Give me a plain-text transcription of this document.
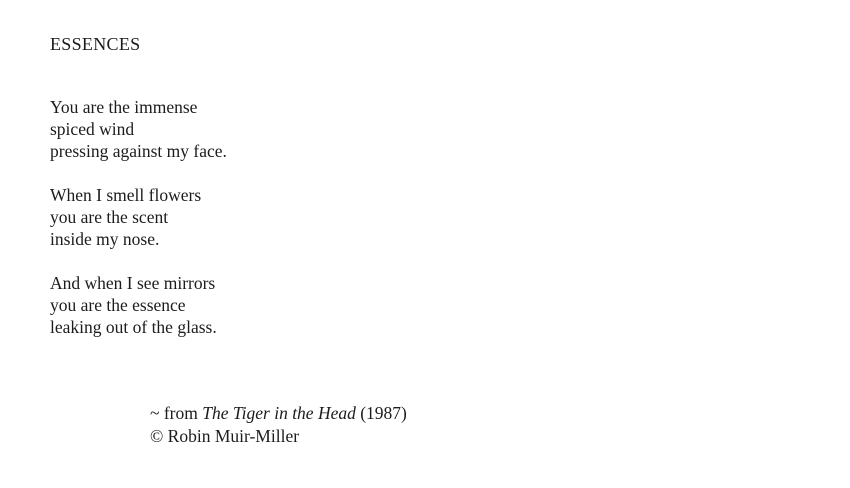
ESSENCES
You are the immense
spiced wind
pressing against my face.
When I smell flowers
you are the scent
inside my nose.
And when I see mirrors
you are the essence
leaking out of the glass.
~ from The Tiger in the Head (1987)
© Robin Muir-Miller
